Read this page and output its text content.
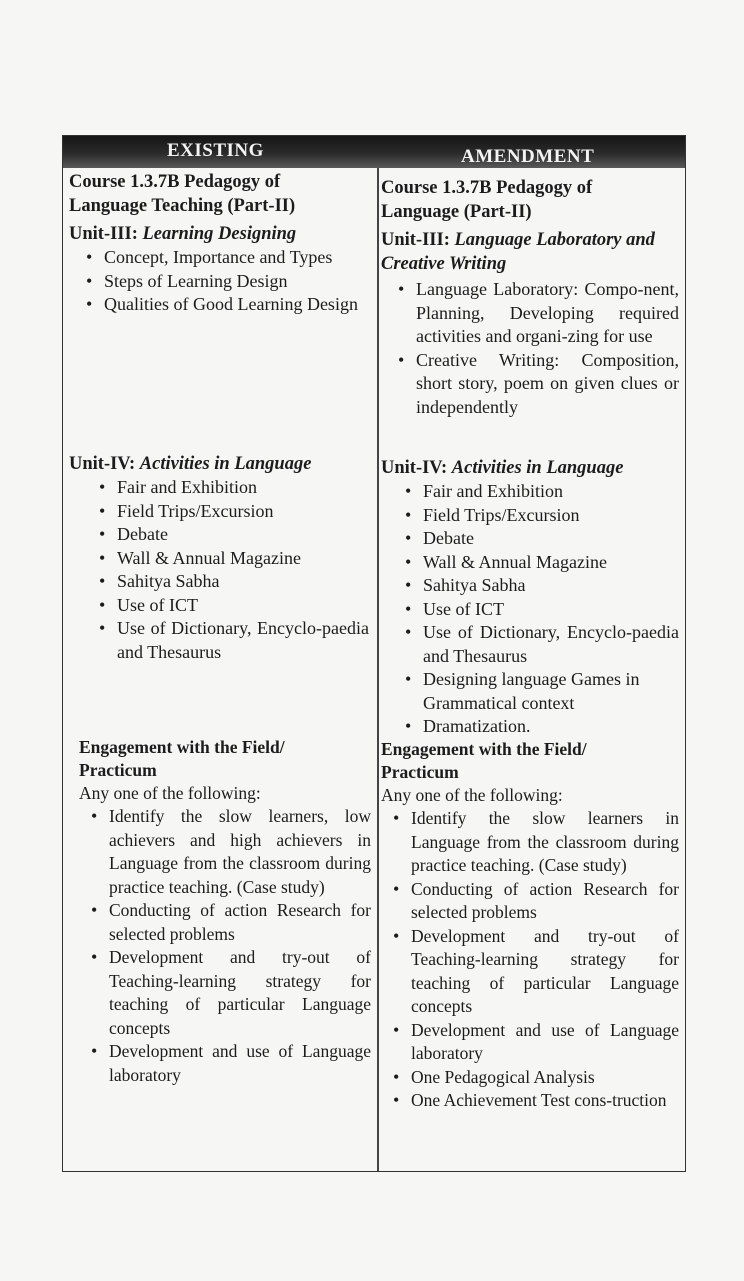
EXISTING	AMENDMENT

Course 1.3.7B Pedagogy of Language Teaching (Part-II)

Unit-III: Learning Designing

• Concept, Importance and Types
• Steps of Learning Design
• Qualities of Good Learning Design

Unit-IV: Activities in Language

• Fair and Exhibition
• Field Trips/Excursion
• Debate
• Wall & Annual Magazine
• Sahitya Sabha
• Use of ICT
• Use of Dictionary, Encyclo-paedia and Thesaurus

Engagement with the Field/ Practicum

Any one of the following:

• Identify the slow learners, low achievers and high achievers in Language from the classroom during practice teaching. (Case study)
• Conducting of action Research for selected problems
• Development and try-out of Teaching-learning strategy for teaching of particular Language concepts
• Development and use of Language laboratory

Course 1.3.7B Pedagogy of Language (Part-II)

Unit-III: Language Laboratory and Creative Writing

• Language Laboratory: Compo-nent, Planning, Developing required activities and organi-zing for use
• Creative Writing: Composition, short story, poem on given clues or independently

Unit-IV: Activities in Language

• Fair and Exhibition
• Field Trips/Excursion
• Debate
• Wall & Annual Magazine
• Sahitya Sabha
• Use of ICT
• Use of Dictionary, Encyclo-paedia and Thesaurus
• Designing language Games in Grammatical context
• Dramatization.

Engagement with the Field/ Practicum

Any one of the following:

• Identify the slow learners in Language from the classroom during practice teaching. (Case study)
• Conducting of action Research for selected problems
• Development and try-out of Teaching-learning strategy for teaching of particular Language concepts
• Development and use of Language laboratory
• One Pedagogical Analysis
• One Achievement Test cons-truction
